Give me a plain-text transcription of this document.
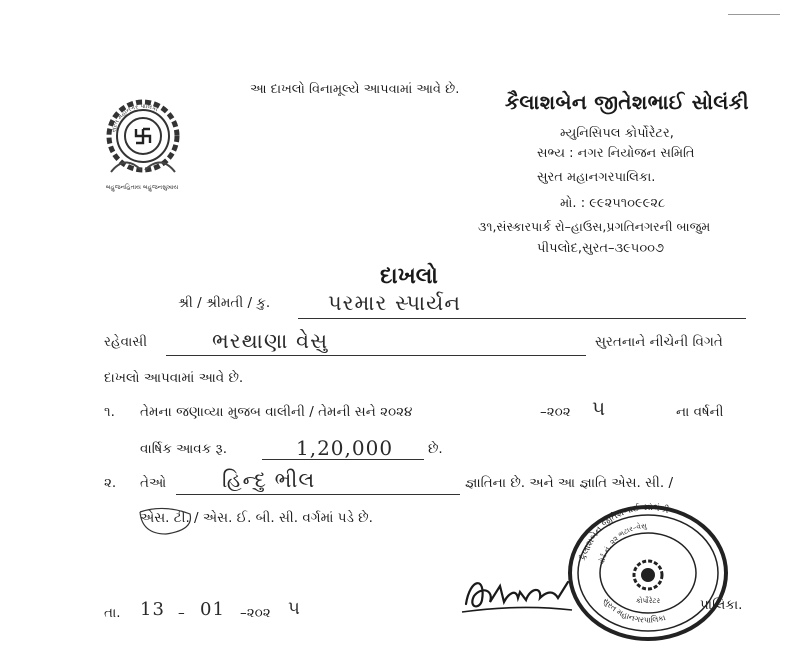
સુરત મહાનગર પાલિકા
બહુજનહિતાય બહુજનસુખાય
આ દાખલો વિનામૂલ્યે આપવામાં આવે છે.
કૈલાશબેન જીતેશભાઈ સોલંકી
મ્યુનિસિપલ કોર્પોરેટર,
સભ્ય : નગર નિયોજન સમિતિ
સુરત મહાનગરપાલિકા.
મો. : ૯૯૨૫૧૦૯૯૨૮
૩૧,સંસ્કારપાર્ક રો–હાઉસ,પ્રગતિનગરની બાજુમ
પીપલોદ,સુરત–૩૯૫૦૦૭
દાખલો
શ્રી / શ્રીમતી / કુ.	પરમાર સ્પાર્યન
રહેવાસી	ભરથાણા વેસુ	સુરતનાને નીચેની વિગતે
દાખલો આપવામાં આવે છે.
૧. તેમના જણાવ્યા મુજબ વાલીની / તેમની સને ૨૦૨૪	–૨૦૨ ૫	ના વર્ષની
વાર્ષિક આવક રૂ.	1,20,000	છે.
૨. તેઓ	હિન્દુ ભીલ	જ્ઞાતિના છે. અને આ જ્ઞાતિ એસ. સી. /
એસ. ટી. / એસ. ઈ. બી. સી. વર્ગમાં પડે છે.
તા. 13 – 01 –૨૦૨ ૫	પાલિકા.
કૈલાશબેન જીતેશભાઈ સોલંકી
વોર્ડ નં. ૨૨ ભટાર–વેસુ
સુરત મહાનગરપાલિકા
કોર્પોરેટર
